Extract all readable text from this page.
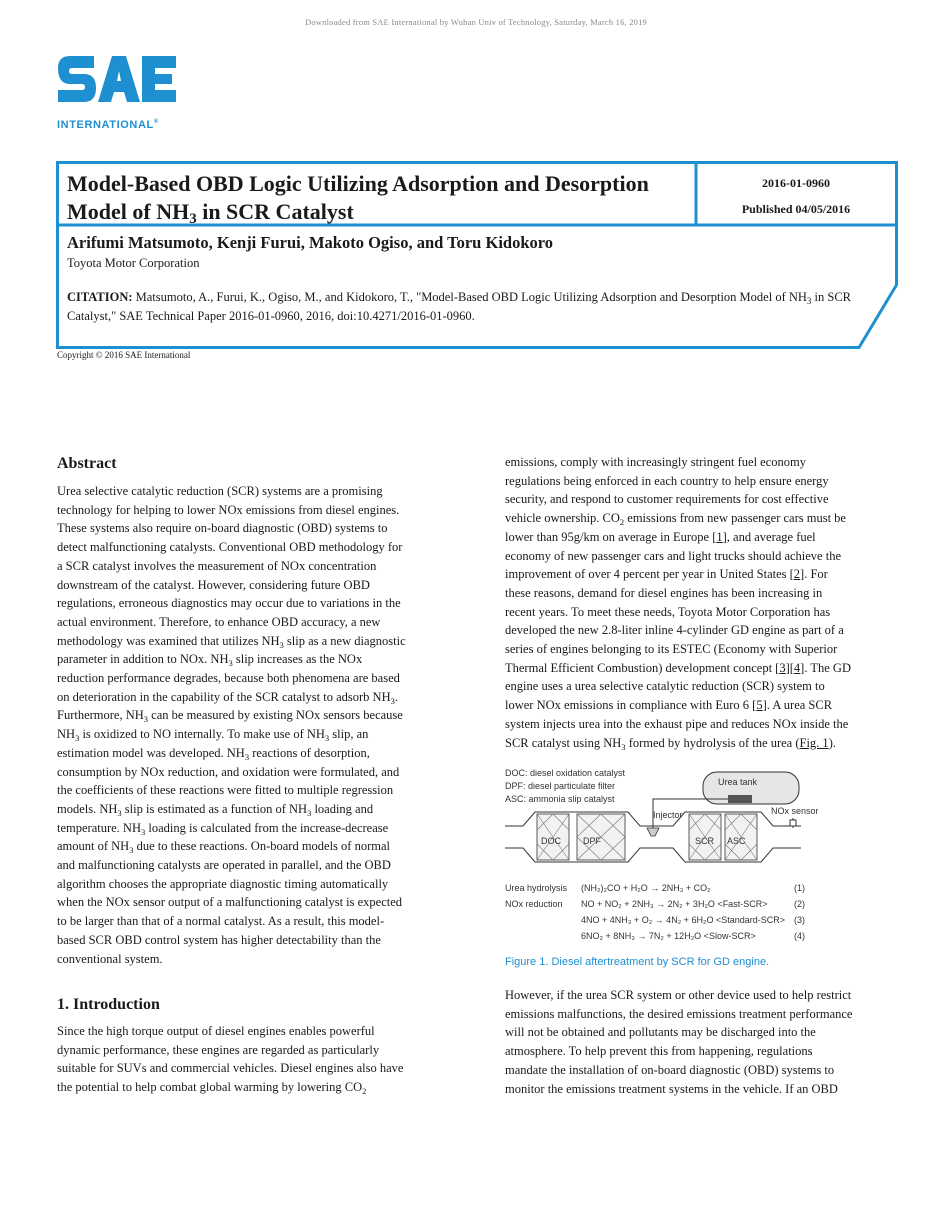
Downloaded from SAE International by Wuhan Univ of Technology, Saturday, March 16, 2019
INTERNATIONAL®
Model-Based OBD Logic Utilizing Adsorption and Desorption Model of $NH_3$ in SCR Catalyst
2016-01-0960
Published 04/05/2016
Arifumi Matsumoto, Kenji Furui, Makoto Ogiso, and Toru Kidokoro
Toyota Motor Corporation
CITATION: Matsumoto, A., Furui, K., Ogiso, M., and Kidokoro, T., "Model-Based OBD Logic Utilizing Adsorption and Desorption Model of $NH_3$ in SCR Catalyst," SAE Technical Paper 2016-01-0960, 2016, doi:10.4271/2016-01-0960.
Copyright © 2016 SAE International
Abstract
Urea selective catalytic reduction (SCR) systems are a promising
technology for helping to lower NOx emissions from diesel engines.
These systems also require on-board diagnostic (OBD) systems to
detect malfunctioning catalysts. Conventional OBD methodology for
a SCR catalyst involves the measurement of NOx concentration
downstream of the catalyst. However, considering future OBD
regulations, erroneous diagnostics may occur due to variations in the
actual environment. Therefore, to enhance OBD accuracy, a new
methodology was examined that utilizes $NH_3$ slip as a new diagnostic
parameter in addition to NOx. $NH_3$ slip increases as the NOx
reduction performance degrades, because both phenomena are based
on deterioration in the capability of the SCR catalyst to adsorb $NH_3$.
Furthermore, $NH_3$ can be measured by existing NOx sensors because
$NH_3$ is oxidized to NO internally. To make use of $NH_3$ slip, an
estimation model was developed. $NH_3$ reactions of desorption,
consumption by NOx reduction, and oxidation were formulated, and
the coefficients of these reactions were fitted to multiple regression
models. $NH_3$ slip is estimated as a function of $NH_3$ loading and
temperature. $NH_3$ loading is calculated from the increase-decrease
amount of $NH_3$ due to these reactions. On-board models of normal
and malfunctioning catalysts are operated in parallel, and the OBD
algorithm chooses the appropriate diagnostic timing automatically
when the NOx sensor output of a malfunctioning catalyst is expected
to be larger than that of a normal catalyst. As a result, this model-
based SCR OBD control system has higher detectability than the
conventional system.
1. Introduction
Since the high torque output of diesel engines enables powerful
dynamic performance, these engines are regarded as particularly
suitable for SUVs and commercial vehicles. Diesel engines also have
the potential to help combat global warming by lowering $CO_2$
emissions, comply with increasingly stringent fuel economy
regulations being enforced in each country to help ensure energy
security, and respond to customer requirements for cost effective
vehicle ownership. $CO_2$ emissions from new passenger cars must be
lower than 95g/km on average in Europe [1], and average fuel
economy of new passenger cars and light trucks should achieve the
improvement of over 4 percent per year in United States [2]. For
these reasons, demand for diesel engines has been increasing in
recent years. To meet these needs, Toyota Motor Corporation has
developed the new 2.8-liter inline 4-cylinder GD engine as part of a
series of engines belonging to its ESTEC (Economy with Superior
Thermal Efficient Combustion) development concept [3][4]. The GD
engine uses a urea selective catalytic reduction (SCR) system to
lower NOx emissions in compliance with Euro 6 [5]. A urea SCR
system injects urea into the exhaust pipe and reduces NOx inside the
SCR catalyst using $NH_3$ formed by hydrolysis of the urea (Fig. 1).
DOC: diesel oxidation catalyst
DPF: diesel particulate filter
ASC: ammonia slip catalyst
Urea tank
Injector	NOx sensor
DOC DPF	SCR ASC
Urea hydrolysis
NOx reduction
(NH₂)₂CO + H₂O → 2NH₃ + CO₂
NO + NO₂ + 2NH₃ → 2N₂ + 3H₂O <Fast-SCR>
4NO + 4NH₃ + O₂ → 4N₂ + 6H₂O <Standard-SCR>
6NO₂ + 8NH₃ → 7N₂ + 12H₂O <Slow-SCR>
(1)
(2)
(3)
(4)
Figure 1. Diesel aftertreatment by SCR for GD engine.
However, if the urea SCR system or other device used to help restrict
emissions malfunctions, the desired emissions treatment performance
will not be obtained and pollutants may be discharged into the
atmosphere. To help prevent this from happening, regulations
mandate the installation of on-board diagnostic (OBD) systems to
monitor the emissions treatment systems in the vehicle. If an OBD
